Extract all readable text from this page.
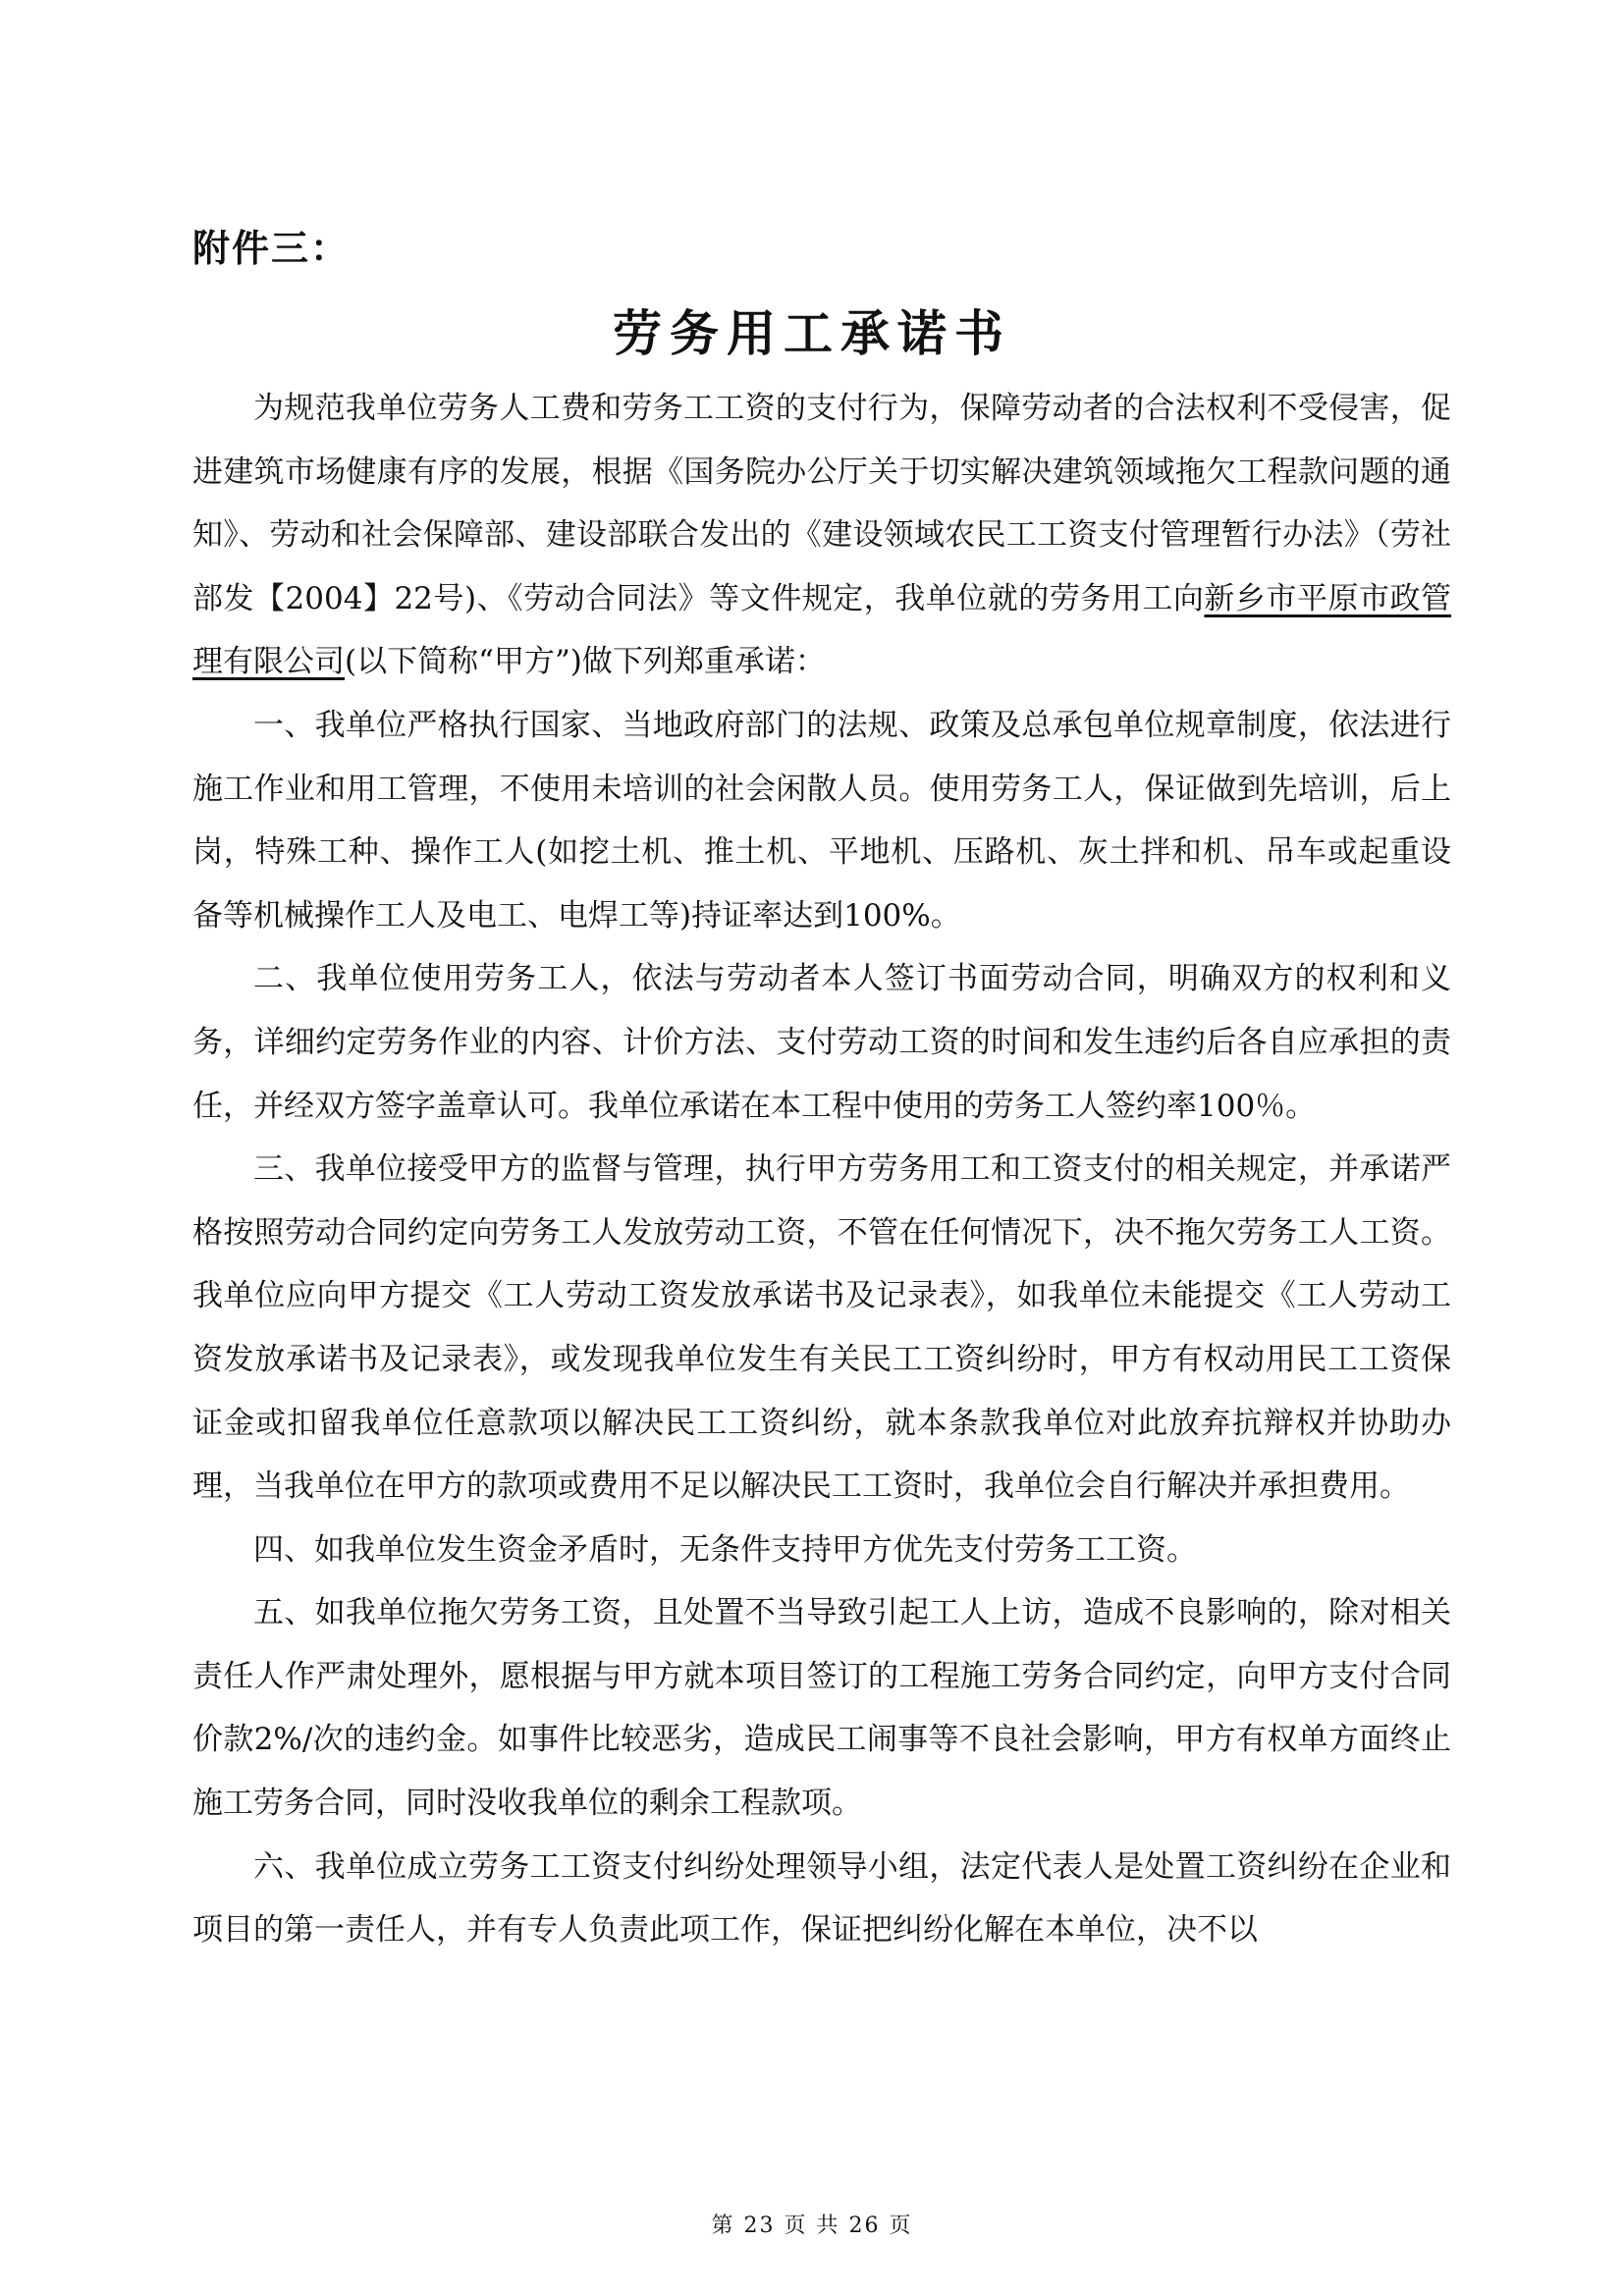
附件三：
劳务用工承诺书

为规范我单位劳务人工费和劳务工工资的支付行为，保障劳动者的合法权利不受侵害，促进建筑市场健康有序的发展，根据《国务院办公厅关于切实解决建筑领域拖欠工程款问题的通知》、劳动和社会保障部、建设部联合发出的《建设领域农民工工资支付管理暂行办法》（劳社部发【2004】22号)、《劳动合同法》等文件规定，我单位就的劳务用工向新乡市平原市政管理有限公司(以下简称“甲方”)做下列郑重承诺：

一、我单位严格执行国家、当地政府部门的法规、政策及总承包单位规章制度，依法进行施工作业和用工管理，不使用未培训的社会闲散人员。使用劳务工人，保证做到先培训，后上岗，特殊工种、操作工人(如挖土机、推土机、平地机、压路机、灰土拌和机、吊车或起重设备等机械操作工人及电工、电焊工等)持证率达到100%。

二、我单位使用劳务工人，依法与劳动者本人签订书面劳动合同，明确双方的权利和义务，详细约定劳务作业的内容、计价方法、支付劳动工资的时间和发生违约后各自应承担的责任，并经双方签字盖章认可。我单位承诺在本工程中使用的劳务工人签约率100％。

三、我单位接受甲方的监督与管理，执行甲方劳务用工和工资支付的相关规定，并承诺严格按照劳动合同约定向劳务工人发放劳动工资，不管在任何情况下，决不拖欠劳务工人工资。我单位应向甲方提交《工人劳动工资发放承诺书及记录表》，如我单位未能提交《工人劳动工资发放承诺书及记录表》，或发现我单位发生有关民工工资纠纷时，甲方有权动用民工工资保证金或扣留我单位任意款项以解决民工工资纠纷，就本条款我单位对此放弃抗辩权并协助办理，当我单位在甲方的款项或费用不足以解决民工工资时，我单位会自行解决并承担费用。

四、如我单位发生资金矛盾时，无条件支持甲方优先支付劳务工工资。

五、如我单位拖欠劳务工资，且处置不当导致引起工人上访，造成不良影响的，除对相关责任人作严肃处理外，愿根据与甲方就本项目签订的工程施工劳务合同约定，向甲方支付合同价款2%/次的违约金。如事件比较恶劣，造成民工闹事等不良社会影响，甲方有权单方面终止施工劳务合同，同时没收我单位的剩余工程款项。

六、我单位成立劳务工工资支付纠纷处理领导小组，法定代表人是处置工资纠纷在企业和项目的第一责任人，并有专人负责此项工作，保证把纠纷化解在本单位，决不以

第 23 页 共 26 页
